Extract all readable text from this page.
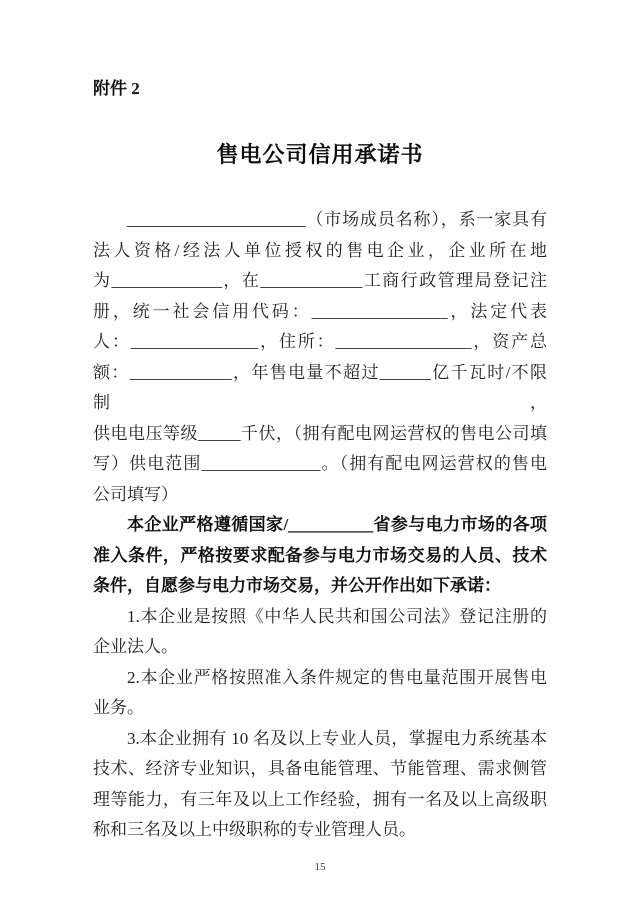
附件 2
售电公司信用承诺书
_____________________（市场成员名称），系一家具有
法人资格/经法人单位授权的售电企业，企业所在地
为_____________，在____________工商行政管理局登记注
册，统一社会信用代码：________________，法定代表
人：_______________，住所：________________，资产总
额：____________，年售电量不超过______亿千瓦时/不限制，
供电电压等级_____千伏，（拥有配电网运营权的售电公司填
写）供电范围______________。（拥有配电网运营权的售电
公司填写）
本企业严格遵循国家/__________省参与电力市场的各项
准入条件，严格按要求配备参与电力市场交易的人员、技术
条件，自愿参与电力市场交易，并公开作出如下承诺：
1.本企业是按照《中华人民共和国公司法》登记注册的
企业法人。
2.本企业严格按照准入条件规定的售电量范围开展售电
业务。
3.本企业拥有 10 名及以上专业人员，掌握电力系统基本
技术、经济专业知识，具备电能管理、节能管理、需求侧管
理等能力，有三年及以上工作经验，拥有一名及以上高级职
称和三名及以上中级职称的专业管理人员。
15
